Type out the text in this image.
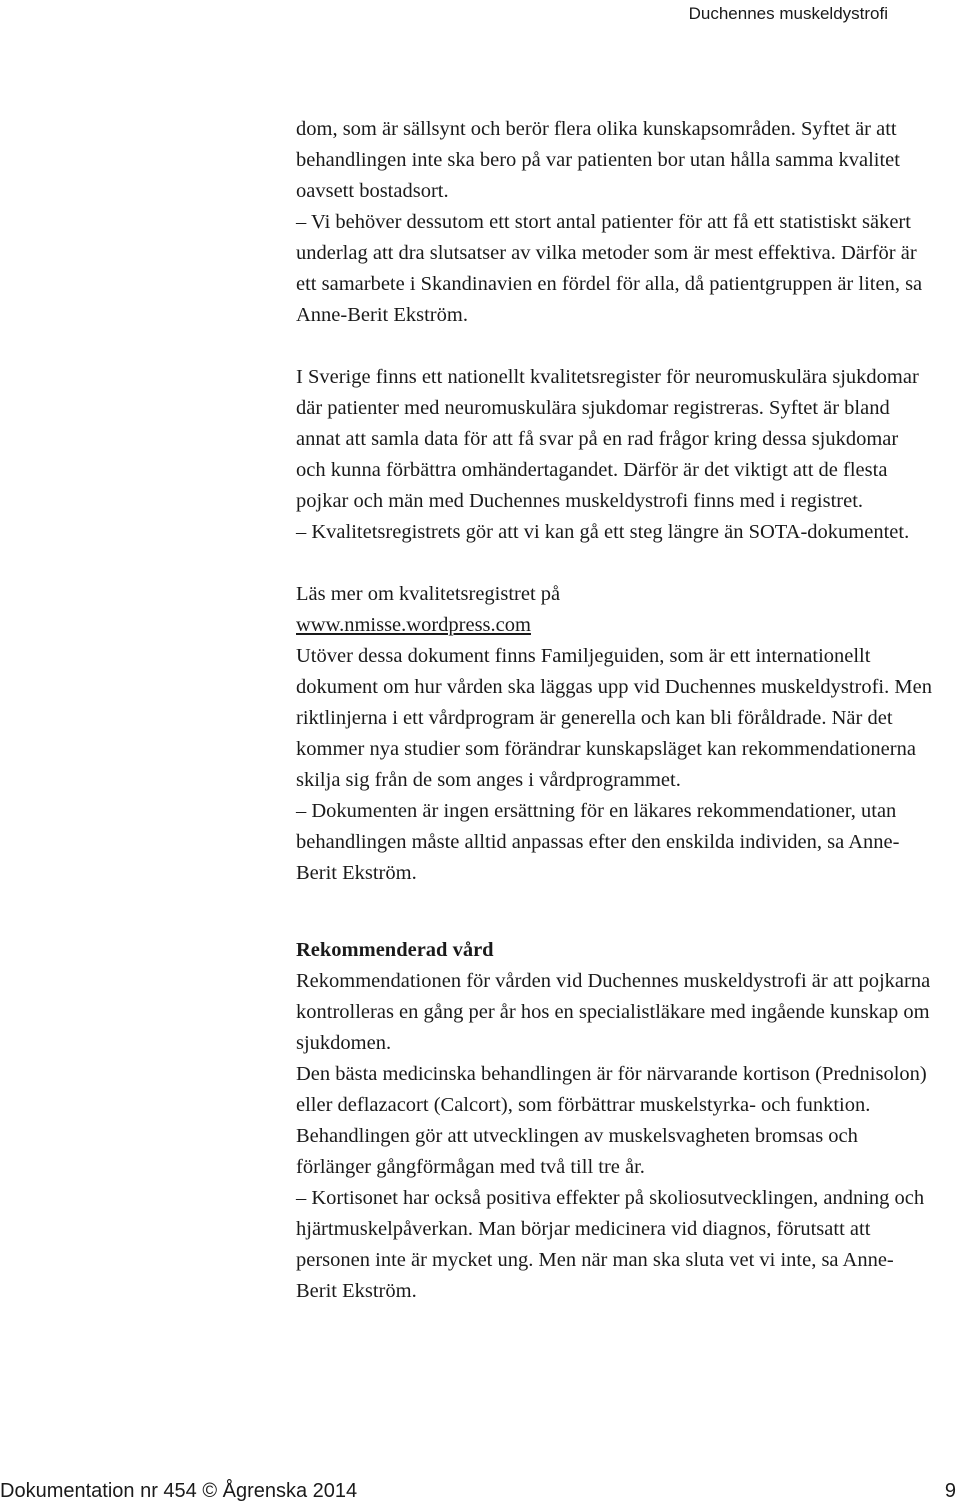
Duchennes muskeldystrofi

dom, som är sällsynt och berör flera olika kunskapsområden. Syftet är att behandlingen inte ska bero på var patienten bor utan hålla samma kvalitet oavsett bostadsort.

– Vi behöver dessutom ett stort antal patienter för att få ett statistiskt säkert underlag att dra slutsatser av vilka metoder som är mest effektiva. Därför är ett samarbete i Skandinavien en fördel för alla, då patientgruppen är liten, sa Anne-Berit Ekström.

I Sverige finns ett nationellt kvalitetsregister för neuromuskulära sjukdomar där patienter med neuromuskulära sjukdomar registreras. Syftet är bland annat att samla data för att få svar på en rad frågor kring dessa sjukdomar och kunna förbättra omhändertagandet. Därför är det viktigt att de flesta pojkar och män med Duchennes muskeldystrofi finns med i registret.

– Kvalitetsregistrets gör att vi kan gå ett steg längre än SOTA-dokumentet.

Läs mer om kvalitetsregistret på

www.nmisse.wordpress.com

Utöver dessa dokument finns Familjeguiden, som är ett internationellt dokument om hur vården ska läggas upp vid Duchennes muskeldystrofi. Men riktlinjerna i ett vårdprogram är generella och kan bli föråldrade. När det kommer nya studier som förändrar kunskapsläget kan rekommendationerna skilja sig från de som anges i vårdprogrammet.

– Dokumenten är ingen ersättning för en läkares rekommendationer, utan behandlingen måste alltid anpassas efter den enskilda individen, sa Anne-Berit Ekström.

Rekommenderad vård

Rekommendationen för vården vid Duchennes muskeldystrofi är att pojkarna kontrolleras en gång per år hos en specialistläkare med ingående kunskap om sjukdomen.

Den bästa medicinska behandlingen är för närvarande kortison (Prednisolon) eller deflazacort (Calcort), som förbättrar muskelstyrka- och funktion. Behandlingen gör att utvecklingen av muskelsvagheten bromsas och förlänger gångförmågan med två till tre år.

– Kortisonet har också positiva effekter på skoliosutvecklingen, andning och hjärtmuskelpåverkan. Man börjar medicinera vid diagnos, förutsatt att personen inte är mycket ung. Men när man ska sluta vet vi inte, sa Anne-Berit Ekström.

Dokumentation nr 454 © Ågrenska 2014	9
